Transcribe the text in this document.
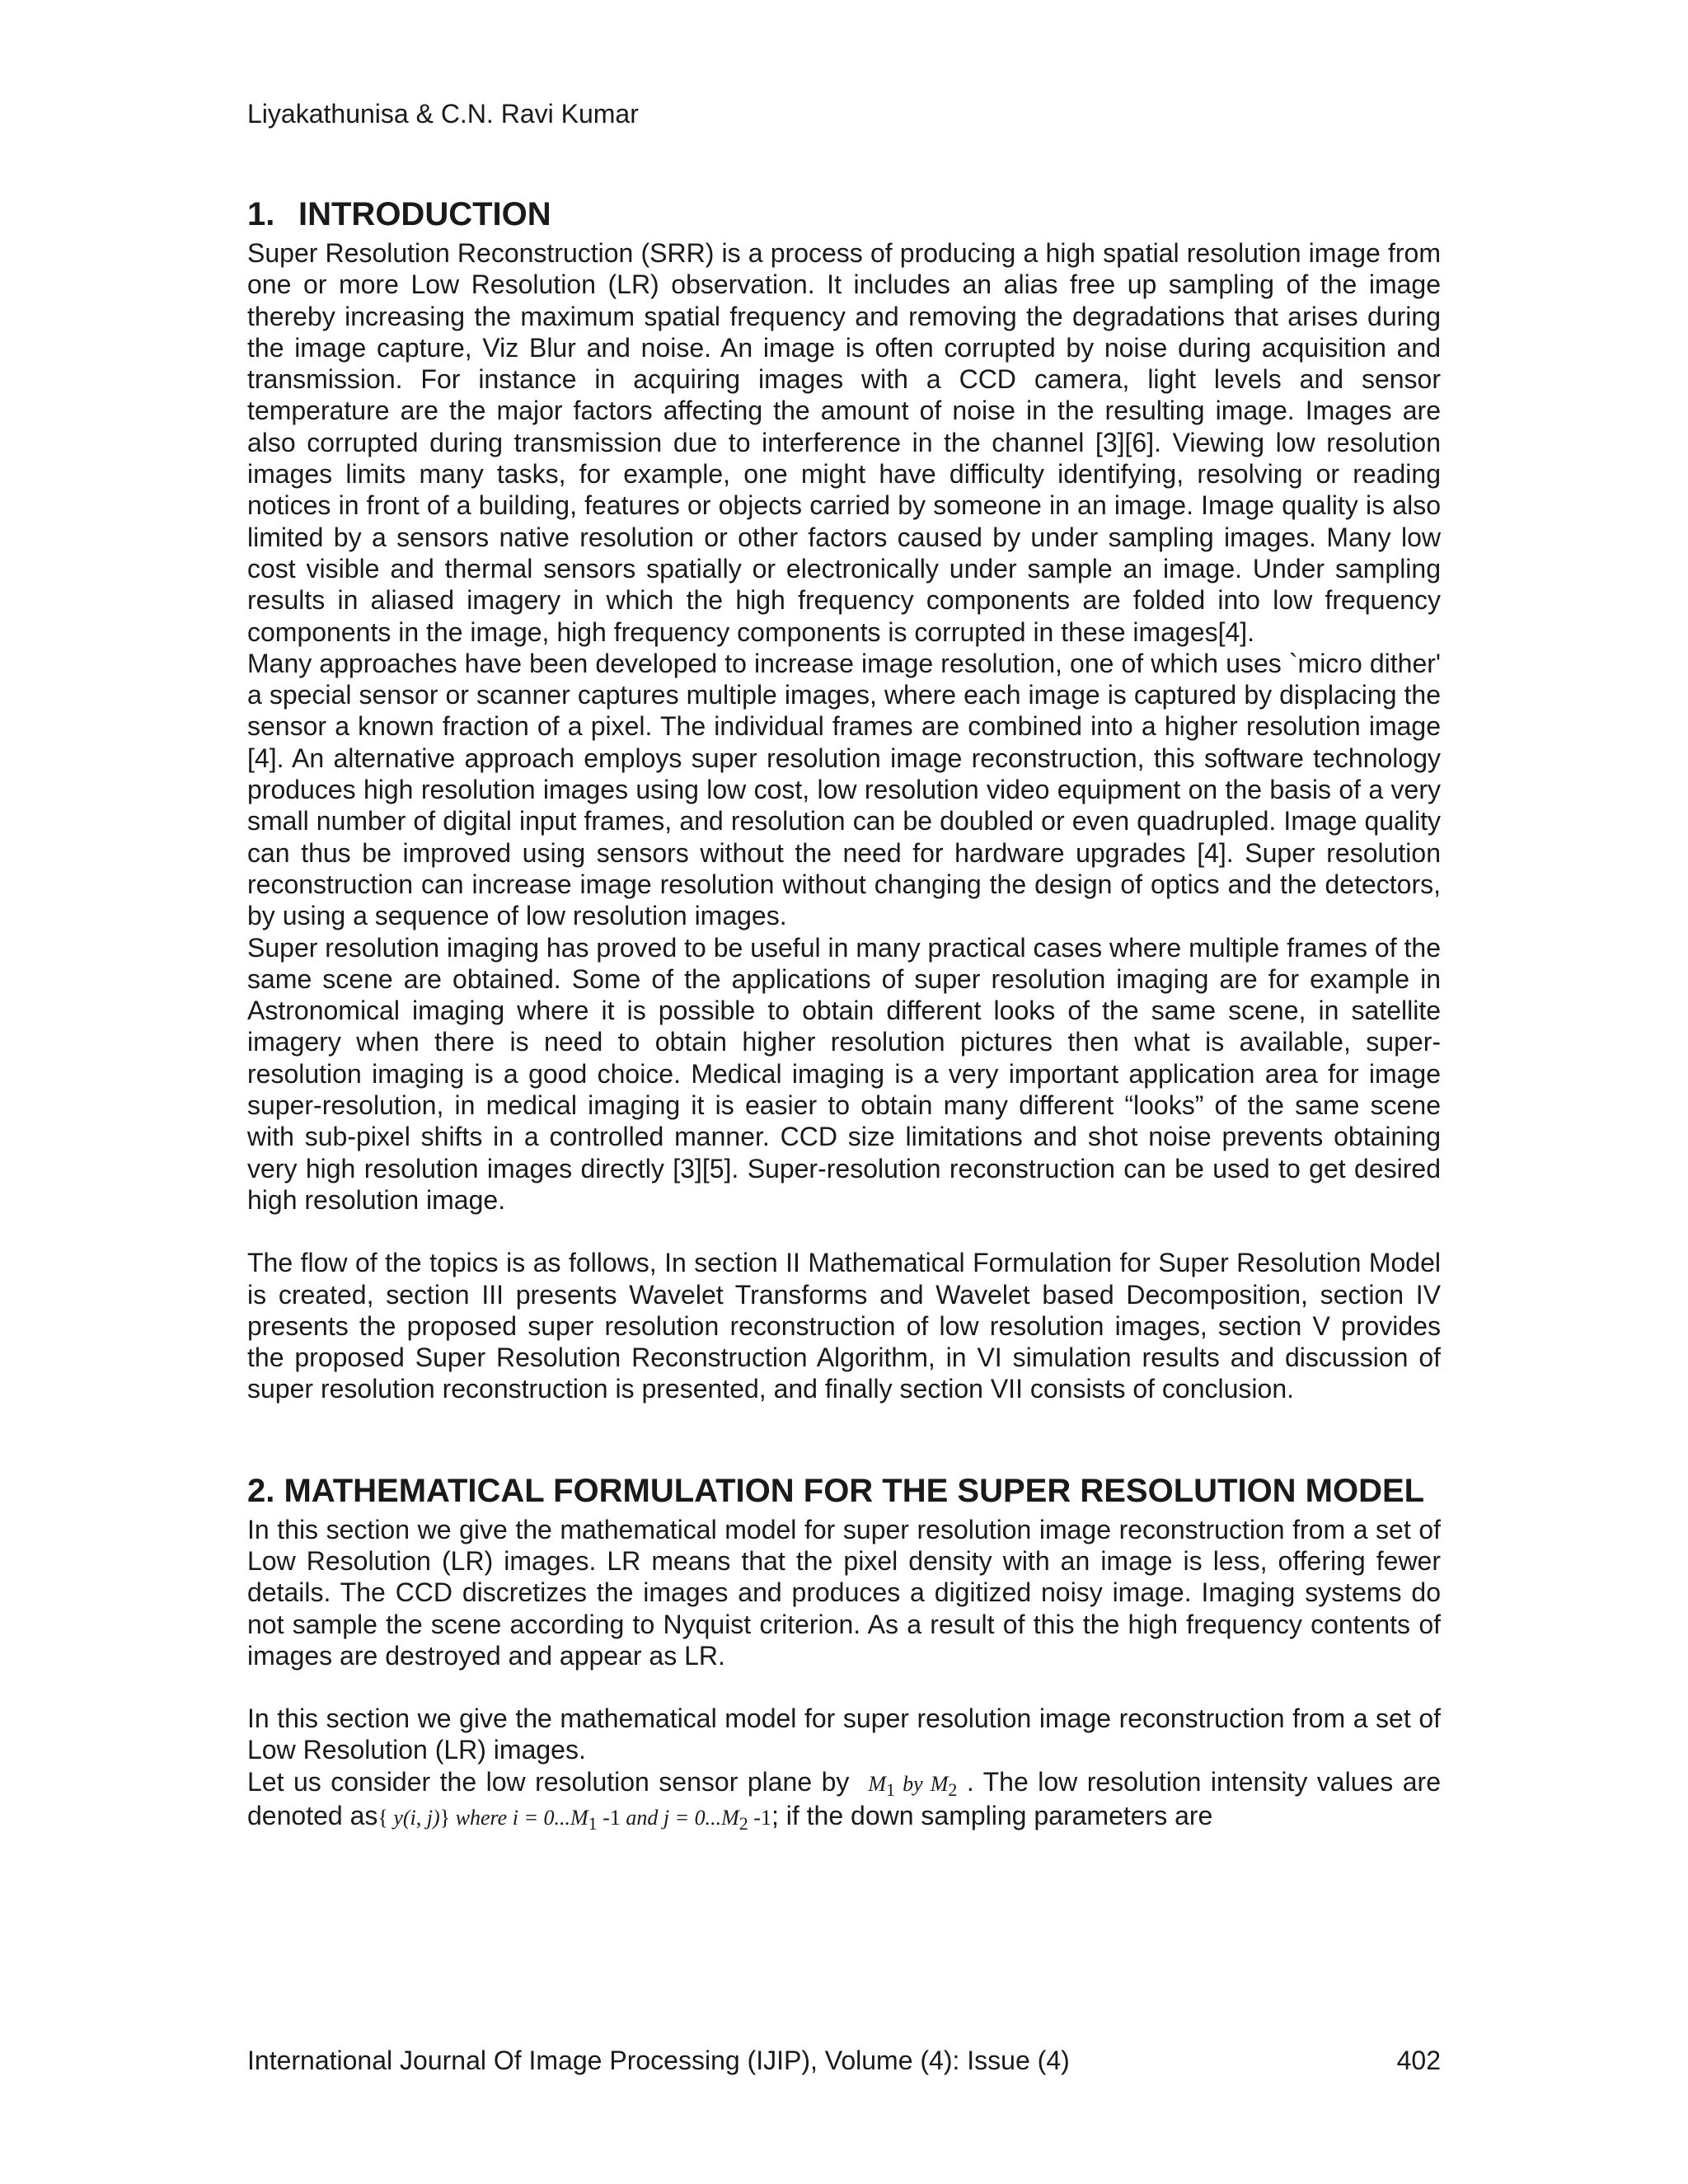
Liyakathunisa & C.N. Ravi Kumar
1. INTRODUCTION

Super Resolution Reconstruction (SRR) is a process of producing a high spatial resolution image from one or more Low Resolution (LR) observation. It includes an alias free up sampling of the image thereby increasing the maximum spatial frequency and removing the degradations that arises during the image capture, Viz Blur and noise. An image is often corrupted by noise during acquisition and transmission. For instance in acquiring images with a CCD camera, light levels and sensor temperature are the major factors affecting the amount of noise in the resulting image. Images are also corrupted during transmission due to interference in the channel [3][6]. Viewing low resolution images limits many tasks, for example, one might have difficulty identifying, resolving or reading notices in front of a building, features or objects carried by someone in an image. Image quality is also limited by a sensors native resolution or other factors caused by under sampling images. Many low cost visible and thermal sensors spatially or electronically under sample an image. Under sampling results in aliased imagery in which the high frequency components are folded into low frequency components in the image, high frequency components is corrupted in these images[4].

Many approaches have been developed to increase image resolution, one of which uses `micro dither' a special sensor or scanner captures multiple images, where each image is captured by displacing the sensor a known fraction of a pixel. The individual frames are combined into a higher resolution image [4]. An alternative approach employs super resolution image reconstruction, this software technology produces high resolution images using low cost, low resolution video equipment on the basis of a very small number of digital input frames, and resolution can be doubled or even quadrupled. Image quality can thus be improved using sensors without the need for hardware upgrades [4]. Super resolution reconstruction can increase image resolution without changing the design of optics and the detectors, by using a sequence of low resolution images.

Super resolution imaging has proved to be useful in many practical cases where multiple frames of the same scene are obtained. Some of the applications of super resolution imaging are for example in Astronomical imaging where it is possible to obtain different looks of the same scene, in satellite imagery when there is need to obtain higher resolution pictures then what is available, super-resolution imaging is a good choice. Medical imaging is a very important application area for image super-resolution, in medical imaging it is easier to obtain many different “looks” of the same scene with sub-pixel shifts in a controlled manner. CCD size limitations and shot noise prevents obtaining very high resolution images directly [3][5]. Super-resolution reconstruction can be used to get desired high resolution image.

The flow of the topics is as follows, In section II Mathematical Formulation for Super Resolution Model is created, section III presents Wavelet Transforms and Wavelet based Decomposition, section IV presents the proposed super resolution reconstruction of low resolution images, section V provides the proposed Super Resolution Reconstruction Algorithm, in VI simulation results and discussion of super resolution reconstruction is presented, and finally section VII consists of conclusion.

2. MATHEMATICAL FORMULATION FOR THE SUPER RESOLUTION MODEL

In this section we give the mathematical model for super resolution image reconstruction from a set of Low Resolution (LR) images. LR means that the pixel density with an image is less, offering fewer details. The CCD discretizes the images and produces a digitized noisy image. Imaging systems do not sample the scene according to Nyquist criterion. As a result of this the high frequency contents of images are destroyed and appear as LR.

In this section we give the mathematical model for super resolution image reconstruction from a set of Low Resolution (LR) images.

Let us consider the low resolution sensor plane by $M_1$ by $M_2$ . The low resolution intensity values are denoted as{ y(i, j)} where $i = 0...M_1$ -1 and $j = 0...M_2$ -1; if the down sampling parameters are

International Journal Of Image Processing (IJIP), Volume (4): Issue (4)	402
